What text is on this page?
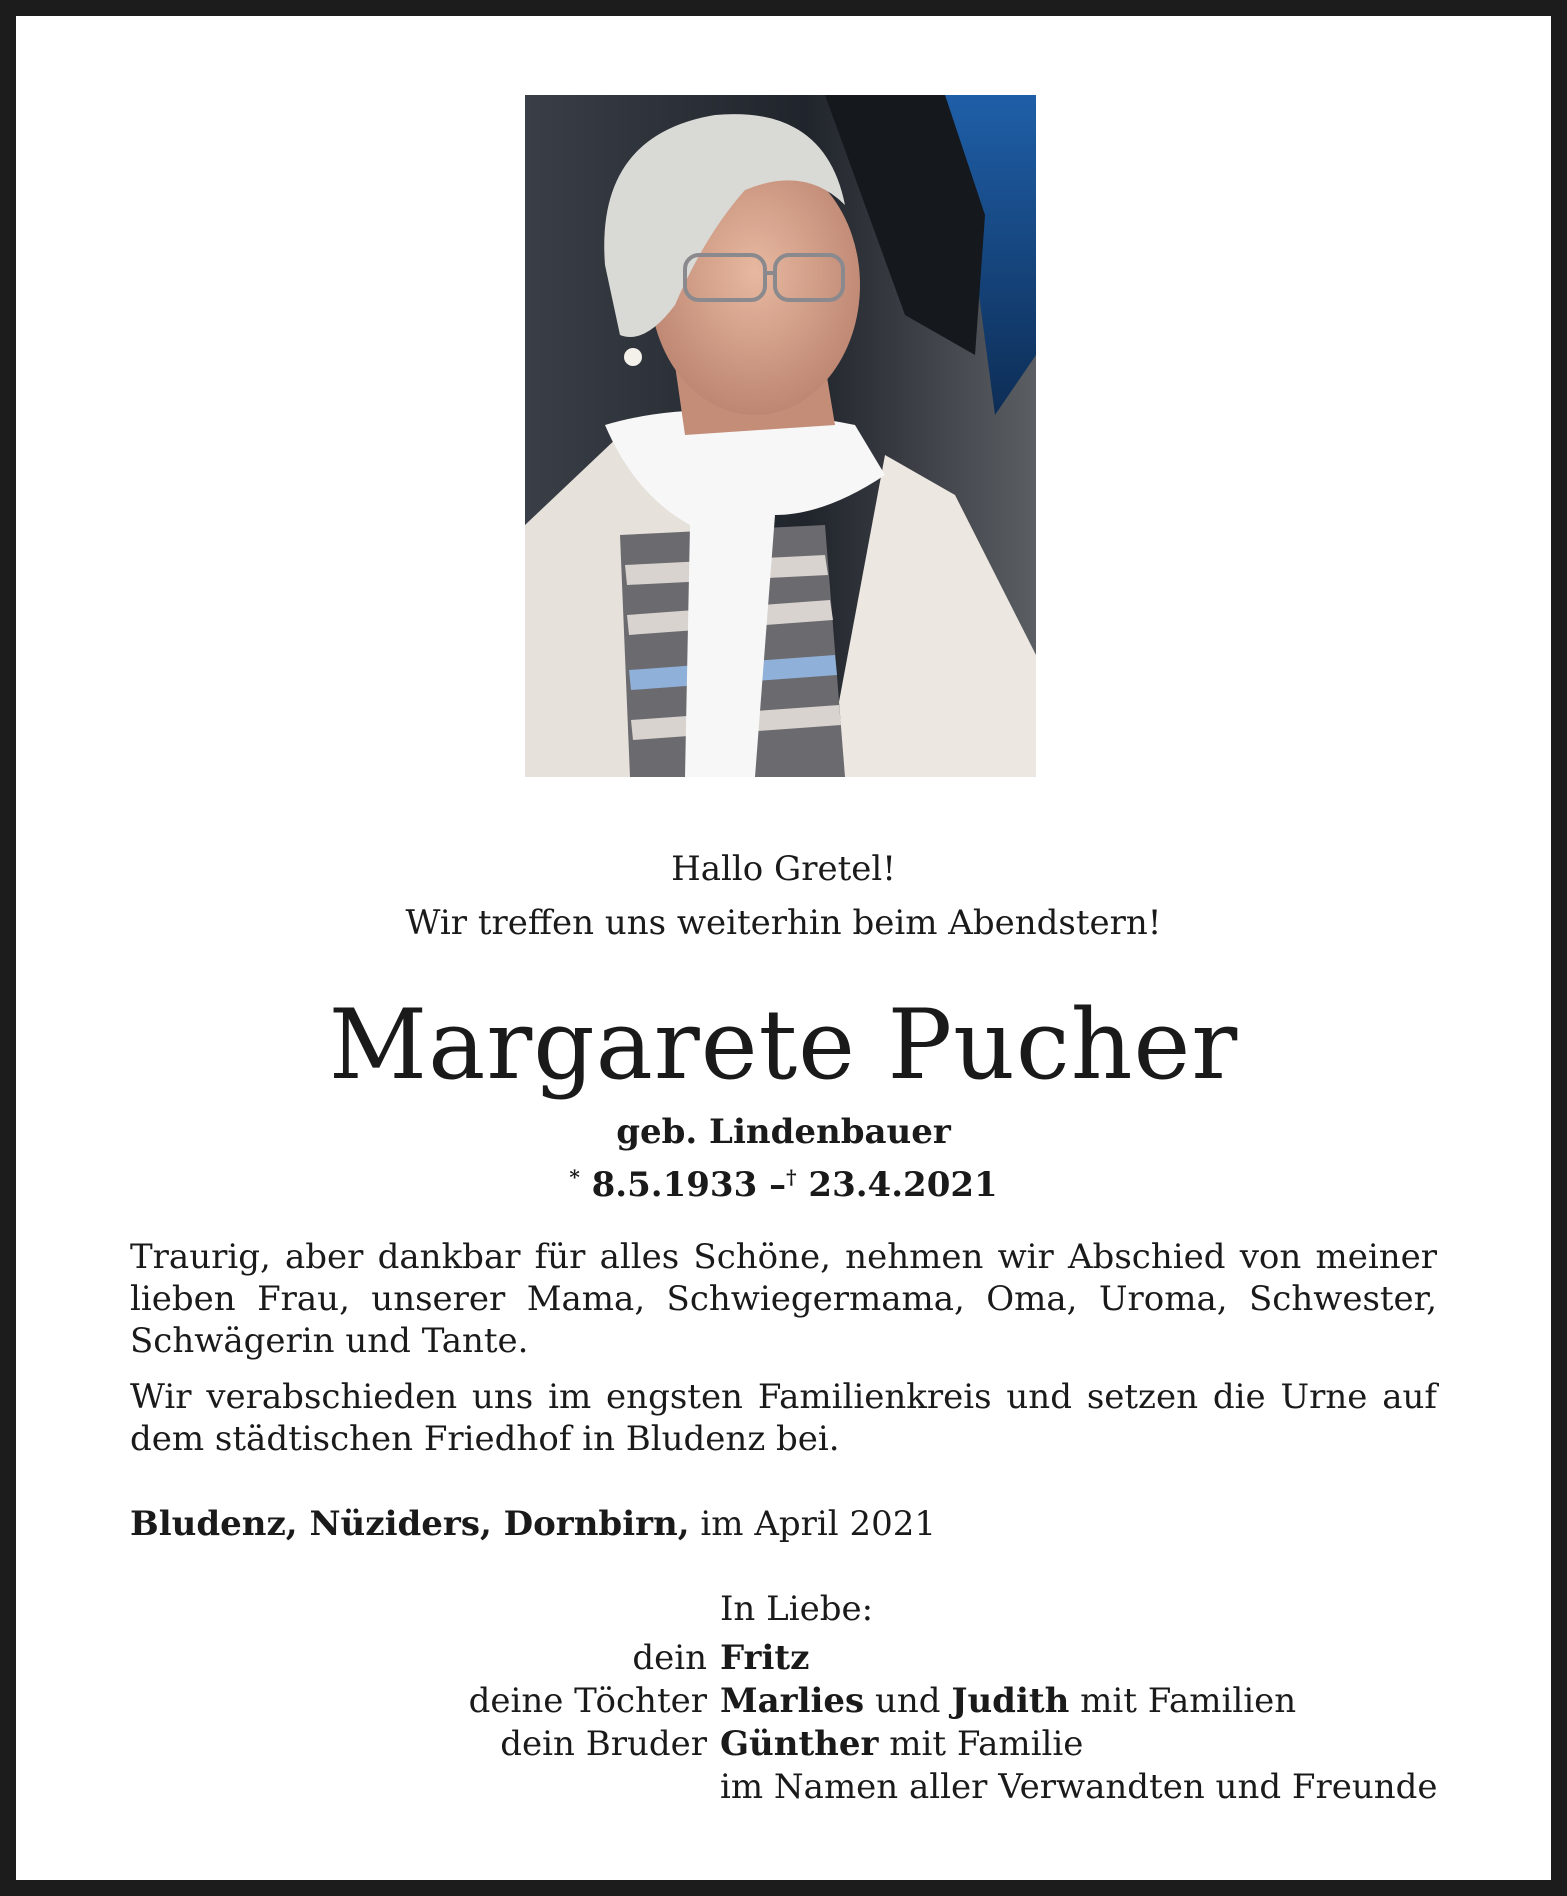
Hallo Gretel!
Wir treffen uns weiterhin beim Abendstern!
Margarete Pucher
geb. Lindenbauer
* 8.5.1933 –† 23.4.2021

Traurig, aber dankbar für alles Schöne, nehmen wir Abschied von meiner lieben Frau, unserer Mama, Schwiegermama, Oma, Uroma, Schwester, Schwägerin und Tante.

Wir verabschieden uns im engsten Familienkreis und setzen die Urne auf dem städtischen Friedhof in Bludenz bei.

Bludenz, Nüziders, Dornbirn, im April 2021
In Liebe:
dein Fritz
deine Töchter Marlies und Judith mit Familien
dein Bruder Günther mit Familie
im Namen aller Verwandten und Freunde
